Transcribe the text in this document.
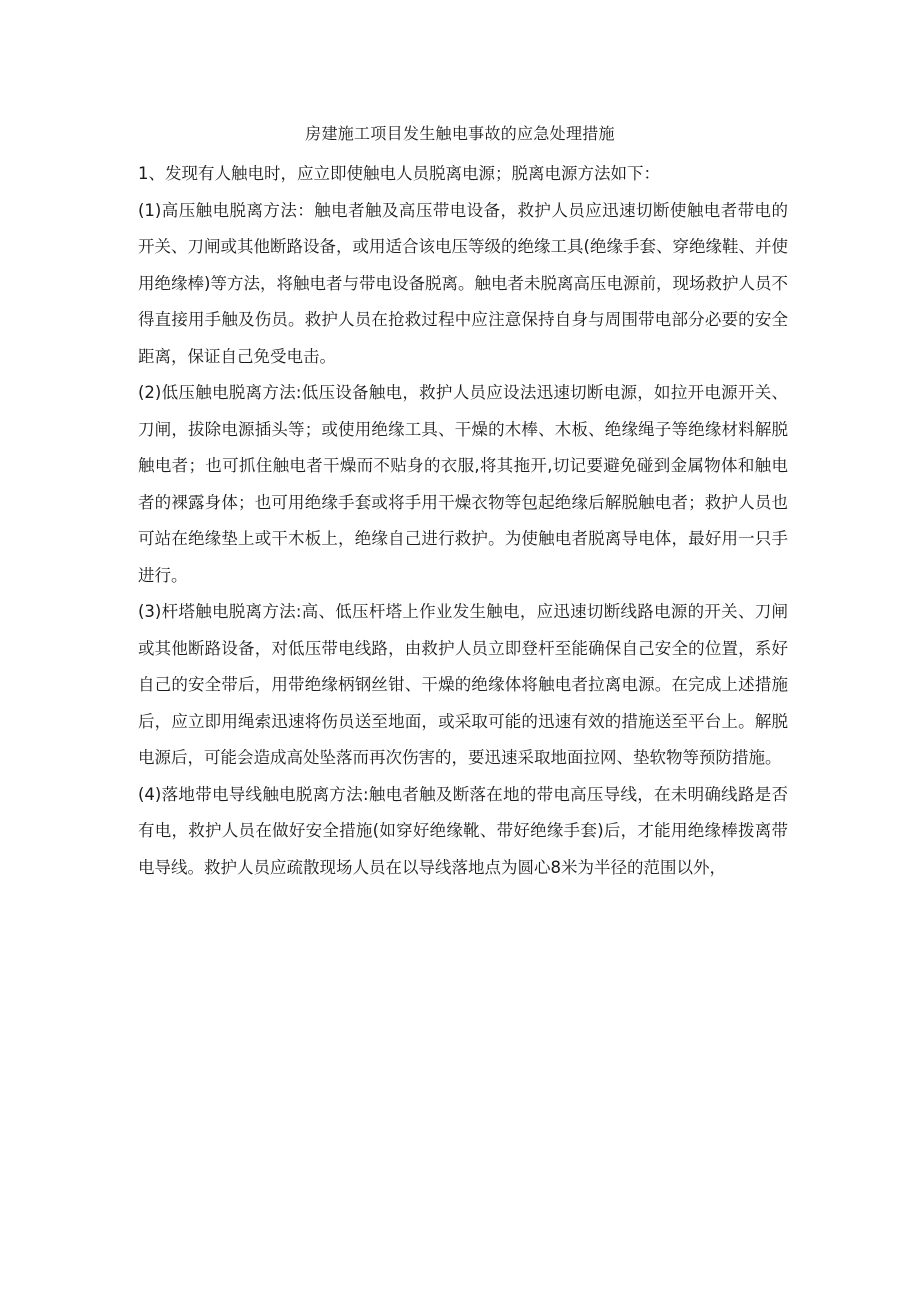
房建施工项目发生触电事故的应急处理措施

1、发现有人触电时，应立即使触电人员脱离电源；脱离电源方法如下：

(1)高压触电脱离方法：触电者触及高压带电设备，救护人员应迅速切断使触电者带电的开关、刀闸或其他断路设备，或用适合该电压等级的绝缘工具(绝缘手套、穿绝缘鞋、并使用绝缘棒)等方法，将触电者与带电设备脱离。触电者未脱离高压电源前，现场救护人员不得直接用手触及伤员。救护人员在抢救过程中应注意保持自身与周围带电部分必要的安全距离，保证自己免受电击。

(2)低压触电脱离方法:低压设备触电，救护人员应设法迅速切断电源，如拉开电源开关、刀闸，拔除电源插头等；或使用绝缘工具、干燥的木棒、木板、绝缘绳子等绝缘材料解脱触电者；也可抓住触电者干燥而不贴身的衣服,将其拖开,切记要避免碰到金属物体和触电者的裸露身体；也可用绝缘手套或将手用干燥衣物等包起绝缘后解脱触电者；救护人员也可站在绝缘垫上或干木板上，绝缘自己进行救护。为使触电者脱离导电体，最好用一只手进行。

(3)杆塔触电脱离方法:高、低压杆塔上作业发生触电，应迅速切断线路电源的开关、刀闸或其他断路设备，对低压带电线路，由救护人员立即登杆至能确保自己安全的位置，系好自己的安全带后，用带绝缘柄钢丝钳、干燥的绝缘体将触电者拉离电源。在完成上述措施后，应立即用绳索迅速将伤员送至地面，或采取可能的迅速有效的措施送至平台上。解脱电源后，可能会造成高处坠落而再次伤害的，要迅速采取地面拉网、垫软物等预防措施。

(4)落地带电导线触电脱离方法:触电者触及断落在地的带电高压导线，在未明确线路是否有电，救护人员在做好安全措施(如穿好绝缘靴、带好绝缘手套)后，才能用绝缘棒拨离带电导线。救护人员应疏散现场人员在以导线落地点为圆心8米为半径的范围以外，
